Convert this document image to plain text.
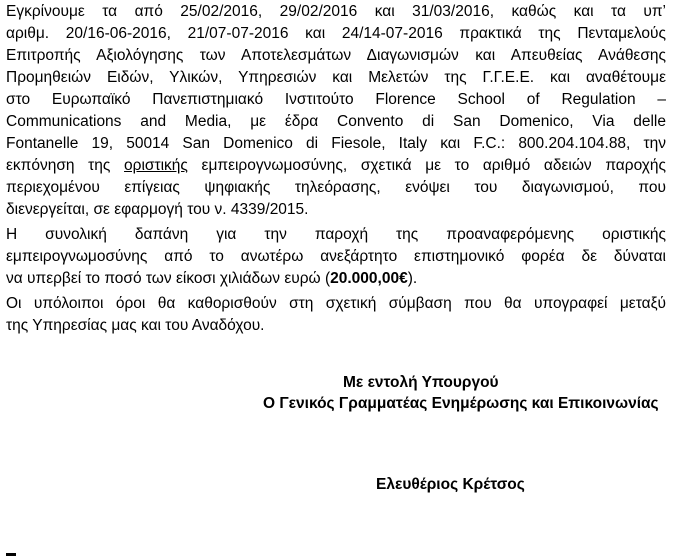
Εγκρίνουμε τα από 25/02/2016, 29/02/2016 και 31/03/2016, καθώς και τα υπ’
αριθμ. 20/16-06-2016, 21/07-07-2016 και 24/14-07-2016 πρακτικά της Πενταμελούς
Επιτροπής Αξιολόγησης των Αποτελεσμάτων Διαγωνισμών και Απευθείας Ανάθεσης
Προμηθειών Ειδών, Υλικών, Υπηρεσιών και Μελετών της Γ.Γ.Ε.Ε. και αναθέτουμε
στο Ευρωπαϊκό Πανεπιστημιακό Ινστιτούτο Florence School of Regulation –
Communications and Media, με έδρα Convento di San Domenico, Via delle
Fontanelle 19, 50014 San Domenico di Fiesole, Italy και F.C.: 800.204.104.88, την
εκπόνηση της οριστικής εμπειρογνωμοσύνης, σχετικά με το αριθμό αδειών παροχής
περιεχομένου επίγειας ψηφιακής τηλεόρασης, ενόψει του διαγωνισμού, που
διενεργείται, σε εφαρμογή του ν. 4339/2015.
Η συνολική δαπάνη για την παροχή της προαναφερόμενης οριστικής
εμπειρογνωμοσύνης από το ανωτέρω ανεξάρτητο επιστημονικό φορέα δε δύναται
να υπερβεί το ποσό των είκοσι χιλιάδων ευρώ (20.000,00€).
Οι υπόλοιποι όροι θα καθορισθούν στη σχετική σύμβαση που θα υπογραφεί μεταξύ
της Υπηρεσίας μας και του Αναδόχου.
Με εντολή Υπουργού
Ο Γενικός Γραμματέας Ενημέρωσης και Επικοινωνίας
Ελευθέριος Κρέτσος
